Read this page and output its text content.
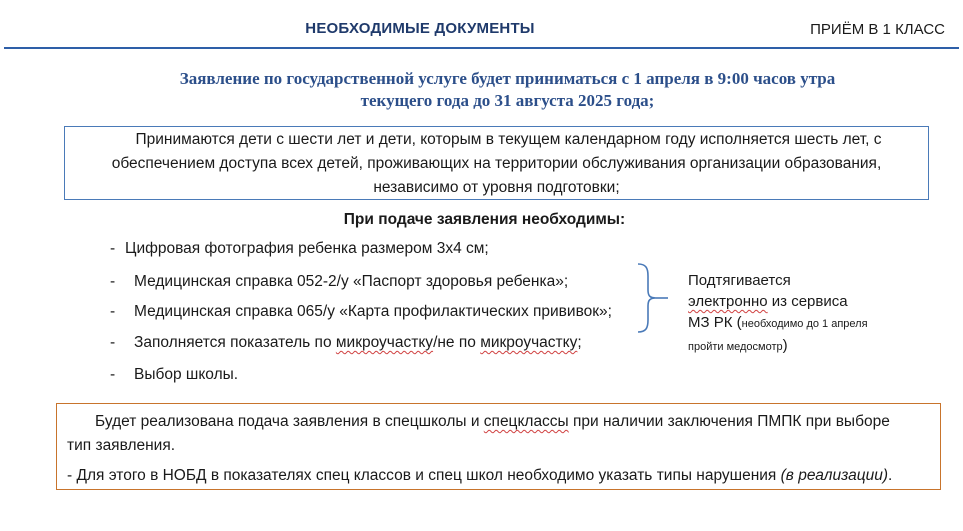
НЕОБХОДИМЫЕ ДОКУМЕНТЫ	ПРИЁМ В 1 КЛАСС
Заявление по государственной услуге будет приниматься с 1 апреля в 9:00 часов утра
текущего года до 31 августа 2025 года;
Принимаются дети с шести лет и дети, которым в текущем календарном году исполняется шесть лет, с
обеспечением доступа всех детей, проживающих на территории обслуживания организации образования,
независимо от уровня подготовки;
При подаче заявления необходимы:
- Цифровая фотография ребенка размером 3х4 см;
- Медицинская справка 052-2/у «Паспорт здоровья ребенка»;
- Медицинская справка 065/у «Карта профилактических прививок»;
- Заполняется показатель по микроучастку/не по микроучастку;
- Выбор школы.
Подтягивается
электронно из сервиса
МЗ РК (необходимо до 1 апреля
пройти медосмотр)

Будет реализована подача заявления в спецшколы и спецклассы при наличии заключения ПМПК при выборе

тип заявления.

- Для этого в НОБД в показателях спец классов и спец школ необходимо указать типы нарушения (в реализации).
